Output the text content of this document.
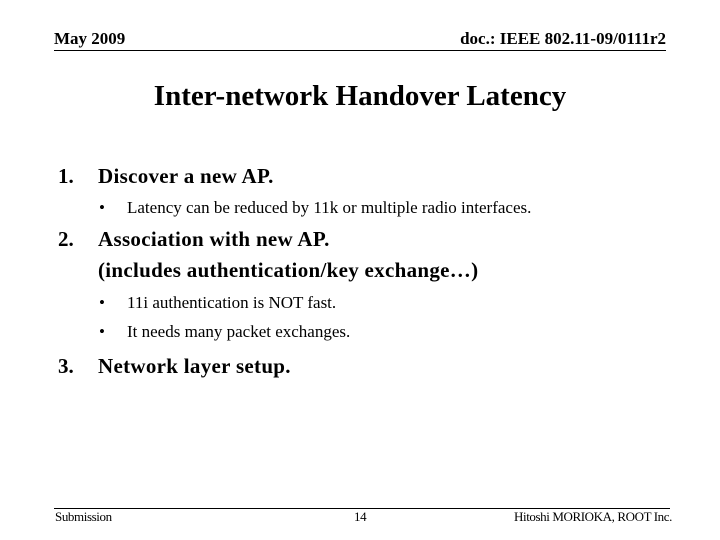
May 2009	doc.: IEEE 802.11-09/0111r2
Inter-network Handover Latency
1.	Discover a new AP.
• Latency can be reduced by 11k or multiple radio interfaces.
2.	Association with new AP.
(includes authentication/key exchange…)
• 11i authentication is NOT fast.
• It needs many packet exchanges.
3.	Network layer setup.
Submission	14	Hitoshi MORIOKA, ROOT Inc.
